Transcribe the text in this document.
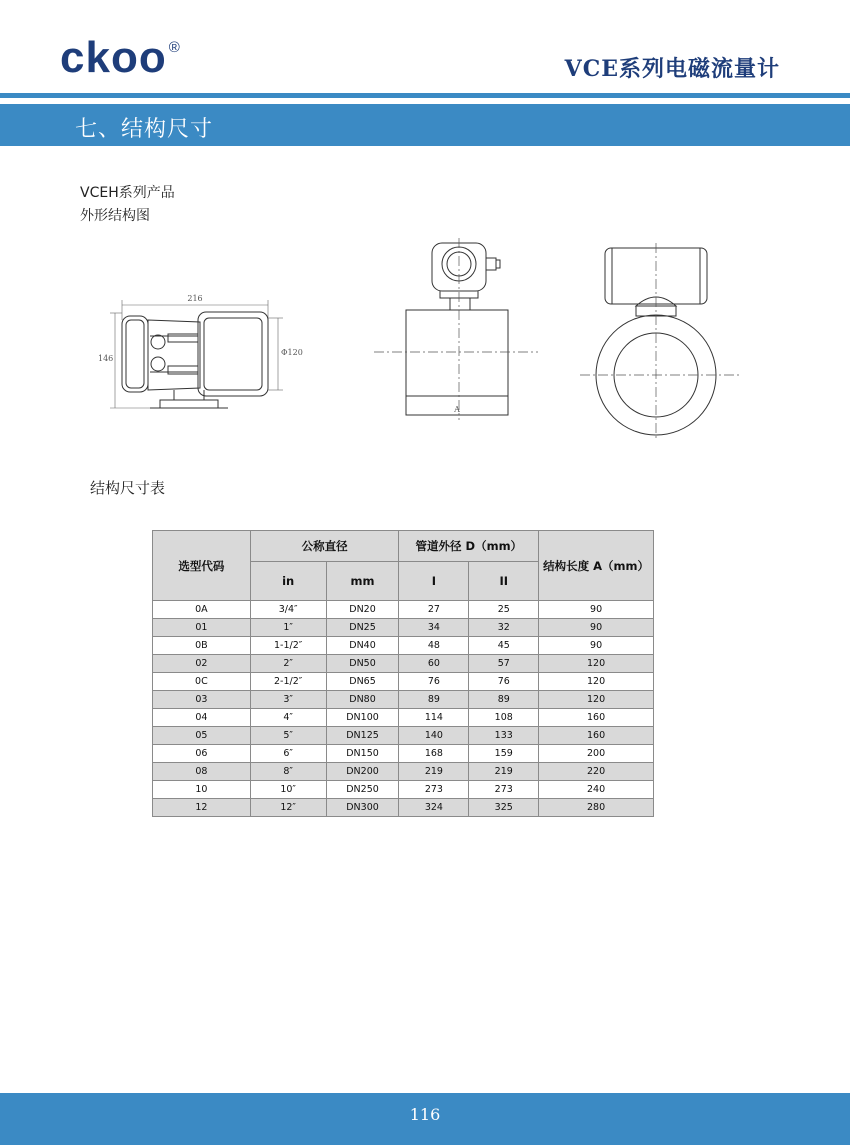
ckoo ®
VCE系列电磁流量计
七、结构尺寸
VCEH系列产品
外形结构图
216
146
Φ120
A
结构尺寸表
选型代码	公称直径		管道外径 D（mm）		结构长度 A（mm）
	in	mm	I	II	
0A	3/4″	DN20	27	25	90
01	1″	DN25	34	32	90
0B	1-1/2″	DN40	48	45	90
02	2″	DN50	60	57	120
0C	2-1/2″	DN65	76	76	120
03	3″	DN80	89	89	120
04	4″	DN100	114	108	160
05	5″	DN125	140	133	160
06	6″	DN150	168	159	200
08	8″	DN200	219	219	220
10	10″	DN250	273	273	240
12	12″	DN300	324	325	280
116
